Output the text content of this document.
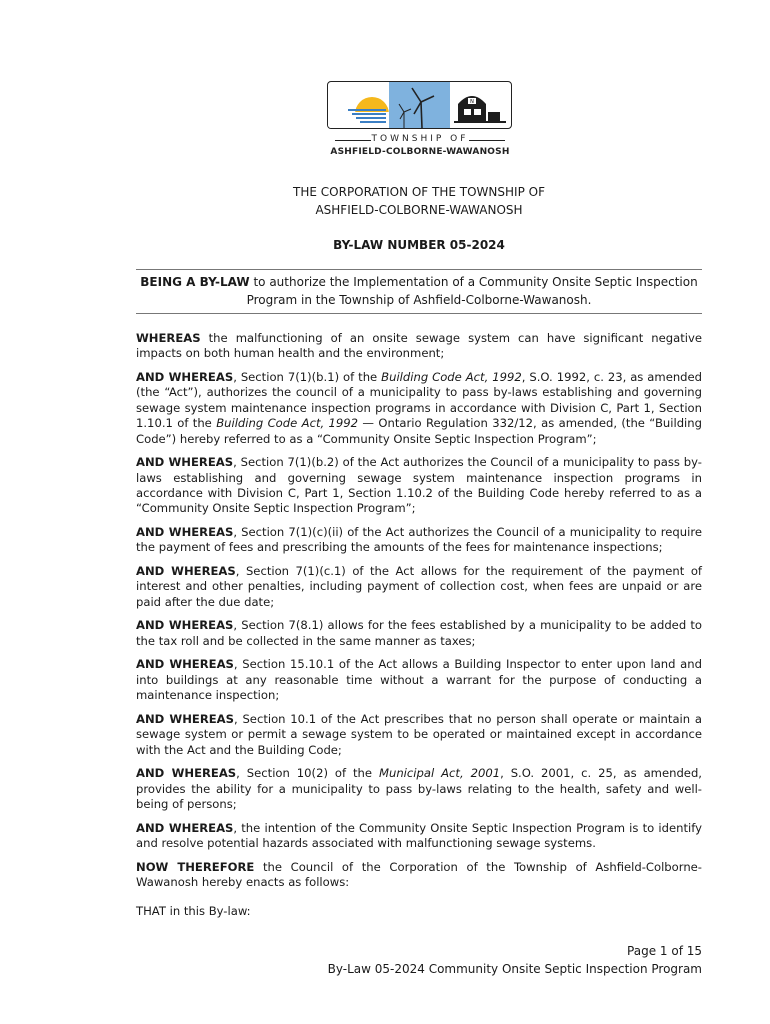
N
TOWNSHIP OF
ASHFIELD-COLBORNE-WAWANOSH
THE CORPORATION OF THE TOWNSHIP OF
ASHFIELD-COLBORNE-WAWANOSH
BY-LAW NUMBER 05-2024
BEING A BY-LAW to authorize the Implementation of a Community Onsite Septic Inspection Program in the Township of Ashfield-Colborne-Wawanosh.

WHEREAS the malfunctioning of an onsite sewage system can have significant negative impacts on both human health and the environment;

AND WHEREAS, Section 7(1)(b.1) of the Building Code Act, 1992, S.O. 1992, c. 23, as amended (the “Act”), authorizes the council of a municipality to pass by-laws establishing and governing sewage system maintenance inspection programs in accordance with Division C, Part 1, Section 1.10.1 of the Building Code Act, 1992 — Ontario Regulation 332/12, as amended, (the “Building Code”) hereby referred to as a “Community Onsite Septic Inspection Program”;

AND WHEREAS, Section 7(1)(b.2) of the Act authorizes the Council of a municipality to pass by-laws establishing and governing sewage system maintenance inspection programs in accordance with Division C, Part 1, Section 1.10.2 of the Building Code hereby referred to as a “Community Onsite Septic Inspection Program”;

AND WHEREAS, Section 7(1)(c)(ii) of the Act authorizes the Council of a municipality to require the payment of fees and prescribing the amounts of the fees for maintenance inspections;

AND WHEREAS, Section 7(1)(c.1) of the Act allows for the requirement of the payment of interest and other penalties, including payment of collection cost, when fees are unpaid or are paid after the due date;

AND WHEREAS, Section 7(8.1) allows for the fees established by a municipality to be added to the tax roll and be collected in the same manner as taxes;

AND WHEREAS, Section 15.10.1 of the Act allows a Building Inspector to enter upon land and into buildings at any reasonable time without a warrant for the purpose of conducting a maintenance inspection;

AND WHEREAS, Section 10.1 of the Act prescribes that no person shall operate or maintain a sewage system or permit a sewage system to be operated or maintained except in accordance with the Act and the Building Code;

AND WHEREAS, Section 10(2) of the Municipal Act, 2001, S.O. 2001, c. 25, as amended, provides the ability for a municipality to pass by-laws relating to the health, safety and well-being of persons;

AND WHEREAS, the intention of the Community Onsite Septic Inspection Program is to identify and resolve potential hazards associated with malfunctioning sewage systems.

NOW THEREFORE the Council of the Corporation of the Township of Ashfield-Colborne-Wawanosh hereby enacts as follows:

THAT in this By-law:

Page 1 of 15
By-Law 05-2024 Community Onsite Septic Inspection Program
